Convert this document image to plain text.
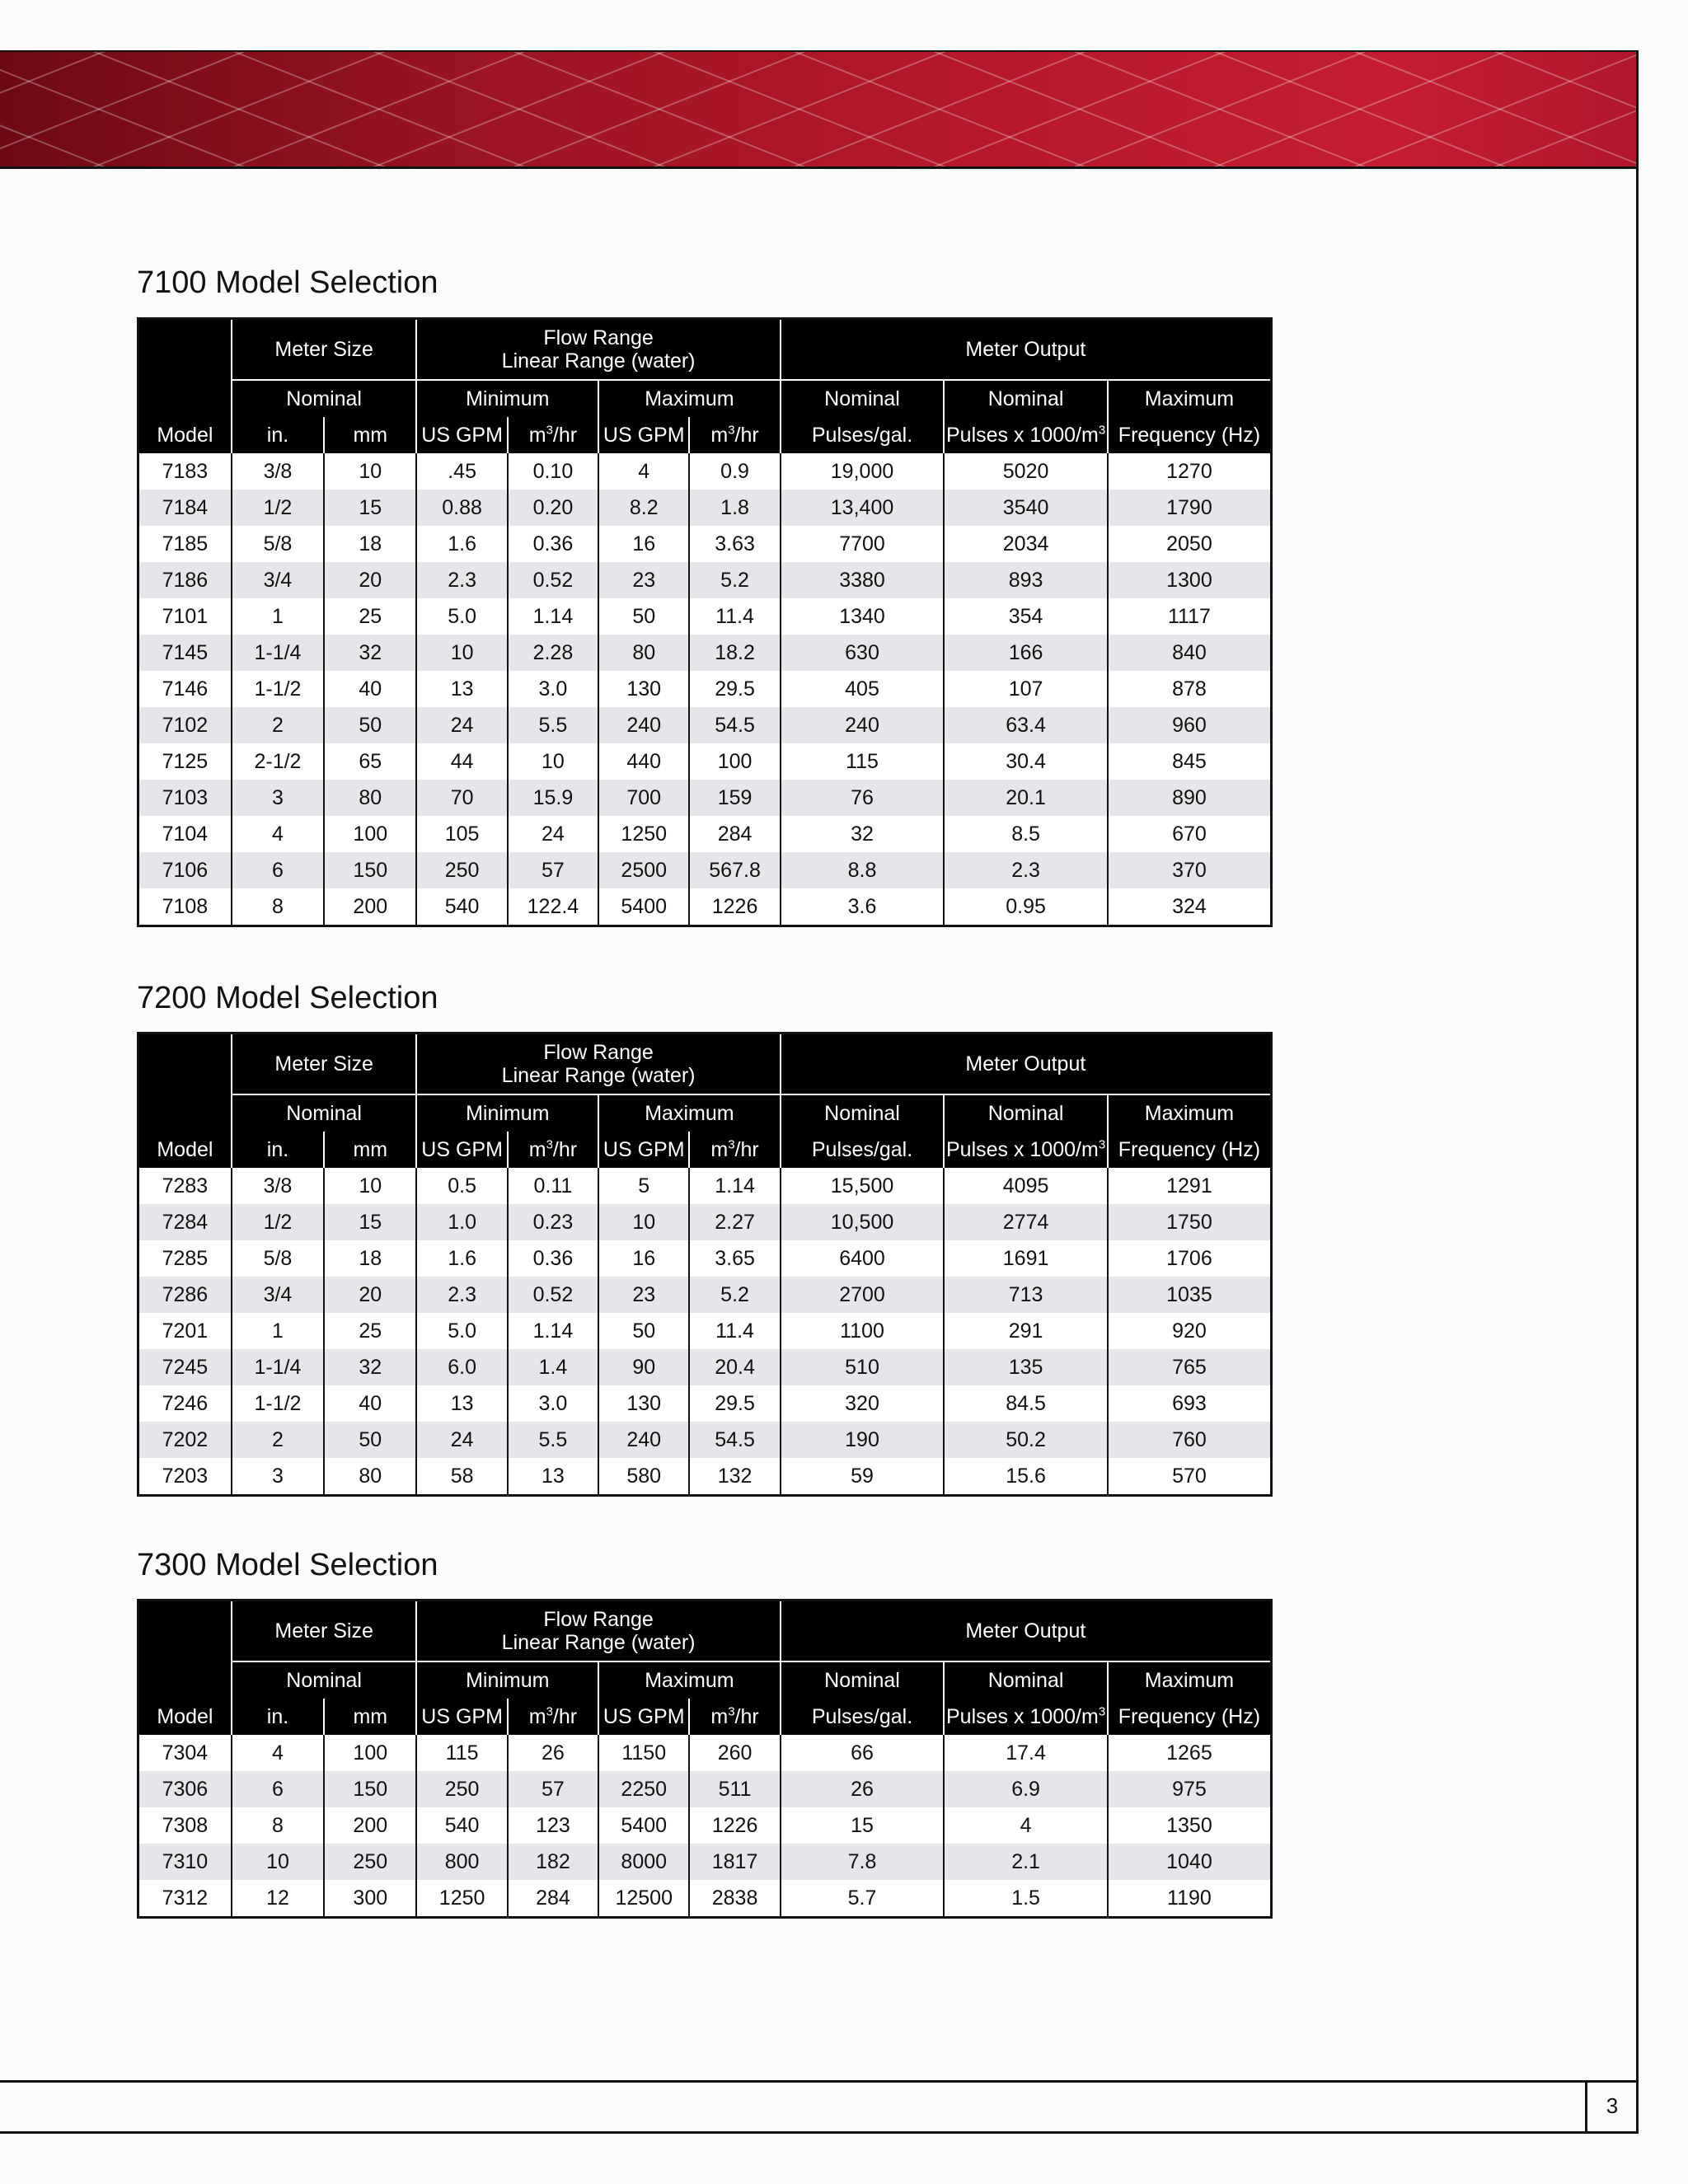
7100 Model Selection
	Meter Size		Flow Range
Linear Range (water)				Meter Output		
	Nominal		Minimum		Maximum		Nominal	Nominal	Maximum
Model	in.	mm	US GPM	$m^3/hr$	US GPM	$m^3/hr$	Pulses/gal.	Pulses x $1000/m^3$	Frequency (Hz)
7183	3/8	10	.45	0.10	4	0.9	19,000	5020	1270
7184	1/2	15	0.88	0.20	8.2	1.8	13,400	3540	1790
7185	5/8	18	1.6	0.36	16	3.63	7700	2034	2050
7186	3/4	20	2.3	0.52	23	5.2	3380	893	1300
7101	1	25	5.0	1.14	50	11.4	1340	354	1117
7145	1-1/4	32	10	2.28	80	18.2	630	166	840
7146	1-1/2	40	13	3.0	130	29.5	405	107	878
7102	2	50	24	5.5	240	54.5	240	63.4	960
7125	2-1/2	65	44	10	440	100	115	30.4	845
7103	3	80	70	15.9	700	159	76	20.1	890
7104	4	100	105	24	1250	284	32	8.5	670
7106	6	150	250	57	2500	567.8	8.8	2.3	370
7108	8	200	540	122.4	5400	1226	3.6	0.95	324
7200 Model Selection
	Meter Size		Flow Range
Linear Range (water)				Meter Output		
	Nominal		Minimum		Maximum		Nominal	Nominal	Maximum
Model	in.	mm	US GPM	$m^3/hr$	US GPM	$m^3/hr$	Pulses/gal.	Pulses x $1000/m^3$	Frequency (Hz)
7283	3/8	10	0.5	0.11	5	1.14	15,500	4095	1291
7284	1/2	15	1.0	0.23	10	2.27	10,500	2774	1750
7285	5/8	18	1.6	0.36	16	3.65	6400	1691	1706
7286	3/4	20	2.3	0.52	23	5.2	2700	713	1035
7201	1	25	5.0	1.14	50	11.4	1100	291	920
7245	1-1/4	32	6.0	1.4	90	20.4	510	135	765
7246	1-1/2	40	13	3.0	130	29.5	320	84.5	693
7202	2	50	24	5.5	240	54.5	190	50.2	760
7203	3	80	58	13	580	132	59	15.6	570
7300 Model Selection
	Meter Size		Flow Range
Linear Range (water)				Meter Output		
	Nominal		Minimum		Maximum		Nominal	Nominal	Maximum
Model	in.	mm	US GPM	$m^3/hr$	US GPM	$m^3/hr$	Pulses/gal.	Pulses x $1000/m^3$	Frequency (Hz)
7304	4	100	115	26	1150	260	66	17.4	1265
7306	6	150	250	57	2250	511	26	6.9	975
7308	8	200	540	123	5400	1226	15	4	1350
7310	10	250	800	182	8000	1817	7.8	2.1	1040
7312	12	300	1250	284	12500	2838	5.7	1.5	1190
3
